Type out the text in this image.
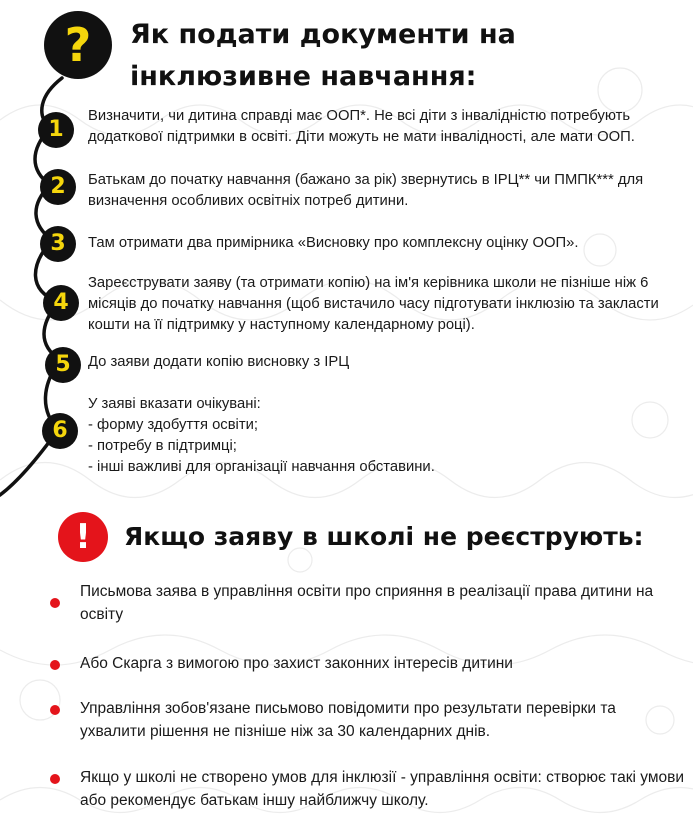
? Як подати документи на інклюзивне навчання:
1
2
3
4
5
6
Визначити, чи дитина справді має ООП*. Не всі діти з інвалідністю потребують додаткової підтримки в освіті. Діти можуть не мати інвалідності, але мати ООП.
Батькам до початку навчання (бажано за рік) звернутись в ІРЦ** чи ПМПК*** для визначення особливих освітніх потреб дитини.
Там отримати два примірника «Висновку про комплексну оцінку ООП».
Зареєструвати заяву (та отримати копію) на ім'я керівника школи не пізніше ніж 6 місяців до початку навчання (щоб вистачило часу підготувати інклюзію та закласти кошти на її підтримку у наступному календарному році).
До заяви додати копію висновку з ІРЦ
У заяві вказати очікувані:
- форму здобуття освіти;
- потребу в підтримці;
- інші важливі для організації навчання обставини.
!	Якщо заяву в школі не реєструють:
Письмова заява в управління освіти про сприяння в реалізації права дитини на освіту
Або Скарга з вимогою про захист законних інтересів дитини
Управління зобов'язане письмово повідомити про результати перевірки та ухвалити рішення не пізніше ніж за 30 календарних днів.
Якщо у школі не створено умов для інклюзії - управління освіти: створює такі умови або рекомендує батькам іншу найближчу школу.
